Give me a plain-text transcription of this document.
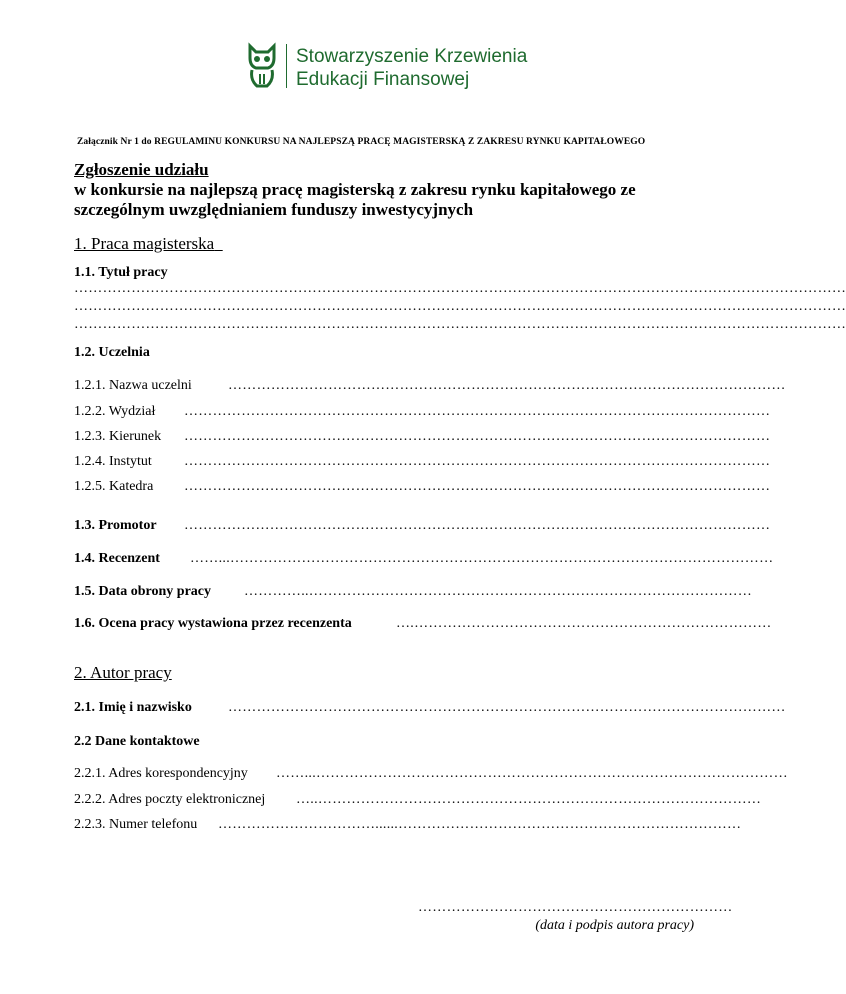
Stowarzyszenie Krzewienia
Edukacji Finansowej
Załącznik Nr 1 do REGULAMINU KONKURSU NA NAJLEPSZĄ PRACĘ MAGISTERSKĄ Z ZAKRESU RYNKU KAPITAŁOWEGO
Zgłoszenie udziału
w konkursie na najlepszą pracę magisterską z zakresu rynku kapitałowego ze
szczególnym uwzględnianiem funduszy inwestycyjnych
1. Praca magisterska
1.1. Tytuł pracy
………………………………………………………………………………………………………………………………………………
………………………………………………………………………………………………………………………………………………
………………………………………………………………………………………………………………………………………………
1.2. Uczelnia
1.2.1. Nazwa uczelni	………………………………………………………………………………………………………
1.2.2. Wydział ……………………………………………………………………………………………………………
1.2.3. Kierunek ……………………………………………………………………………………………………………
1.2.4. Instytut ……………………………………………………………………………………………………………
1.2.5. Katedra ……………………………………………………………………………………………………………
1.3. Promotor ……………………………………………………………………………………………………………
1.4. Recenzent ……...……………………………………………………………………………………………………
1.5. Data obrony pracy …………..…………………………………………………………………………………
1.6. Ocena pracy wystawiona przez recenzenta	….…………………………………………………………………
2. Autor pracy
2.1. Imię i nazwisko	………………………………………………………………………………………………………
2.2 Dane kontaktowe
2.2.1. Adres korespondencyjny ……...………………………………………………………………………………………
2.2.2. Adres poczty elektronicznej …..…………………………………………………………………………………
2.2.3. Numer telefonu ……………………………......………………………………………………………………
…………………………………………………………
(data i podpis autora pracy)
